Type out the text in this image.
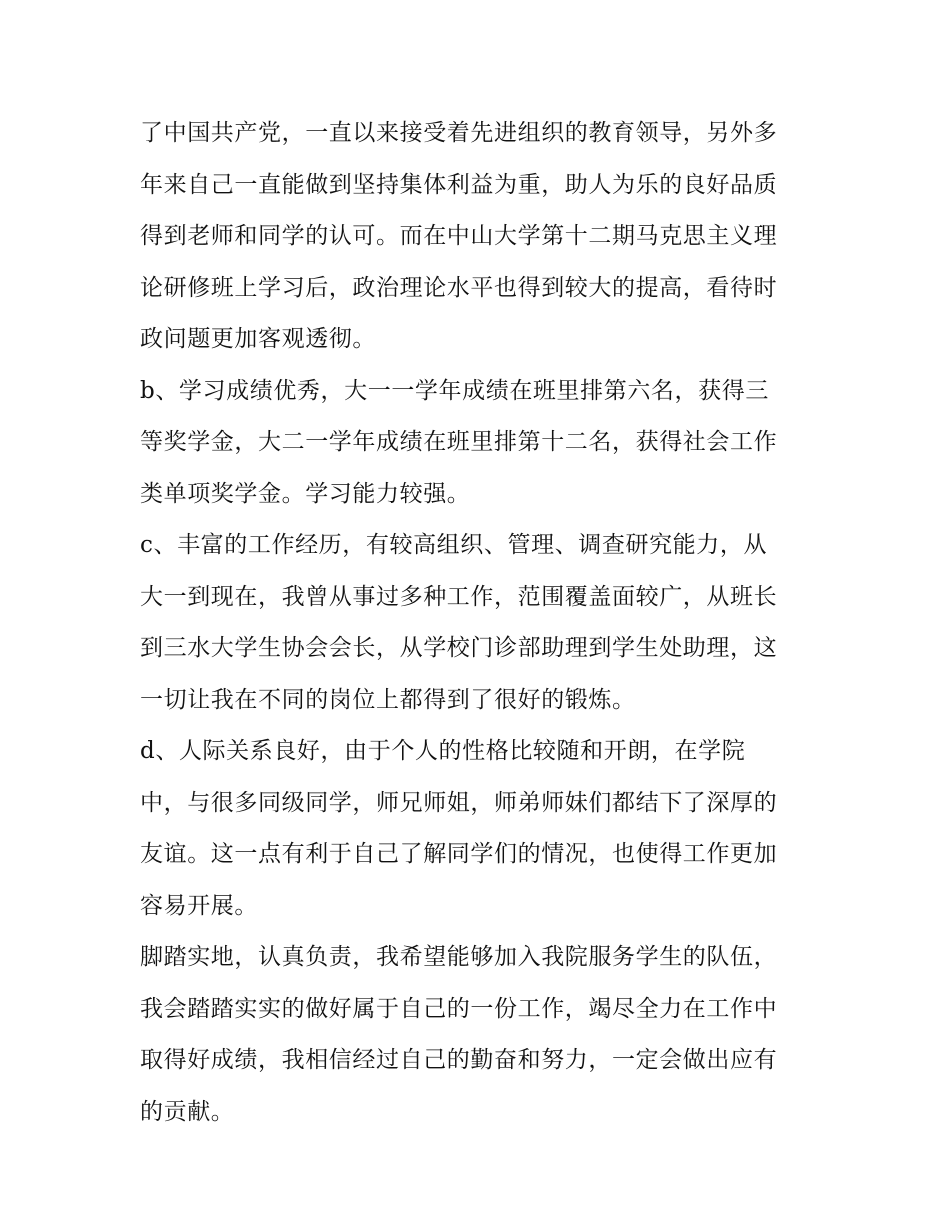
了中国共产党，一直以来接受着先进组织的教育领导，另外多
年来自己一直能做到坚持集体利益为重，助人为乐的良好品质
得到老师和同学的认可。而在中山大学第十二期马克思主义理
论研修班上学习后，政治理论水平也得到较大的提高，看待时
政问题更加客观透彻。
b、学习成绩优秀，大一一学年成绩在班里排第六名，获得三
等奖学金，大二一学年成绩在班里排第十二名，获得社会工作
类单项奖学金。学习能力较强。
c、丰富的工作经历，有较高组织、管理、调查研究能力，从
大一到现在，我曾从事过多种工作，范围覆盖面较广，从班长
到三水大学生协会会长，从学校门诊部助理到学生处助理，这
一切让我在不同的岗位上都得到了很好的锻炼。
d、人际关系良好，由于个人的性格比较随和开朗，在学院
中，与很多同级同学，师兄师姐，师弟师妹们都结下了深厚的
友谊。这一点有利于自己了解同学们的情况，也使得工作更加
容易开展。
脚踏实地，认真负责，我希望能够加入我院服务学生的队伍，
我会踏踏实实的做好属于自己的一份工作，竭尽全力在工作中
取得好成绩，我相信经过自己的勤奋和努力，一定会做出应有
的贡献。
